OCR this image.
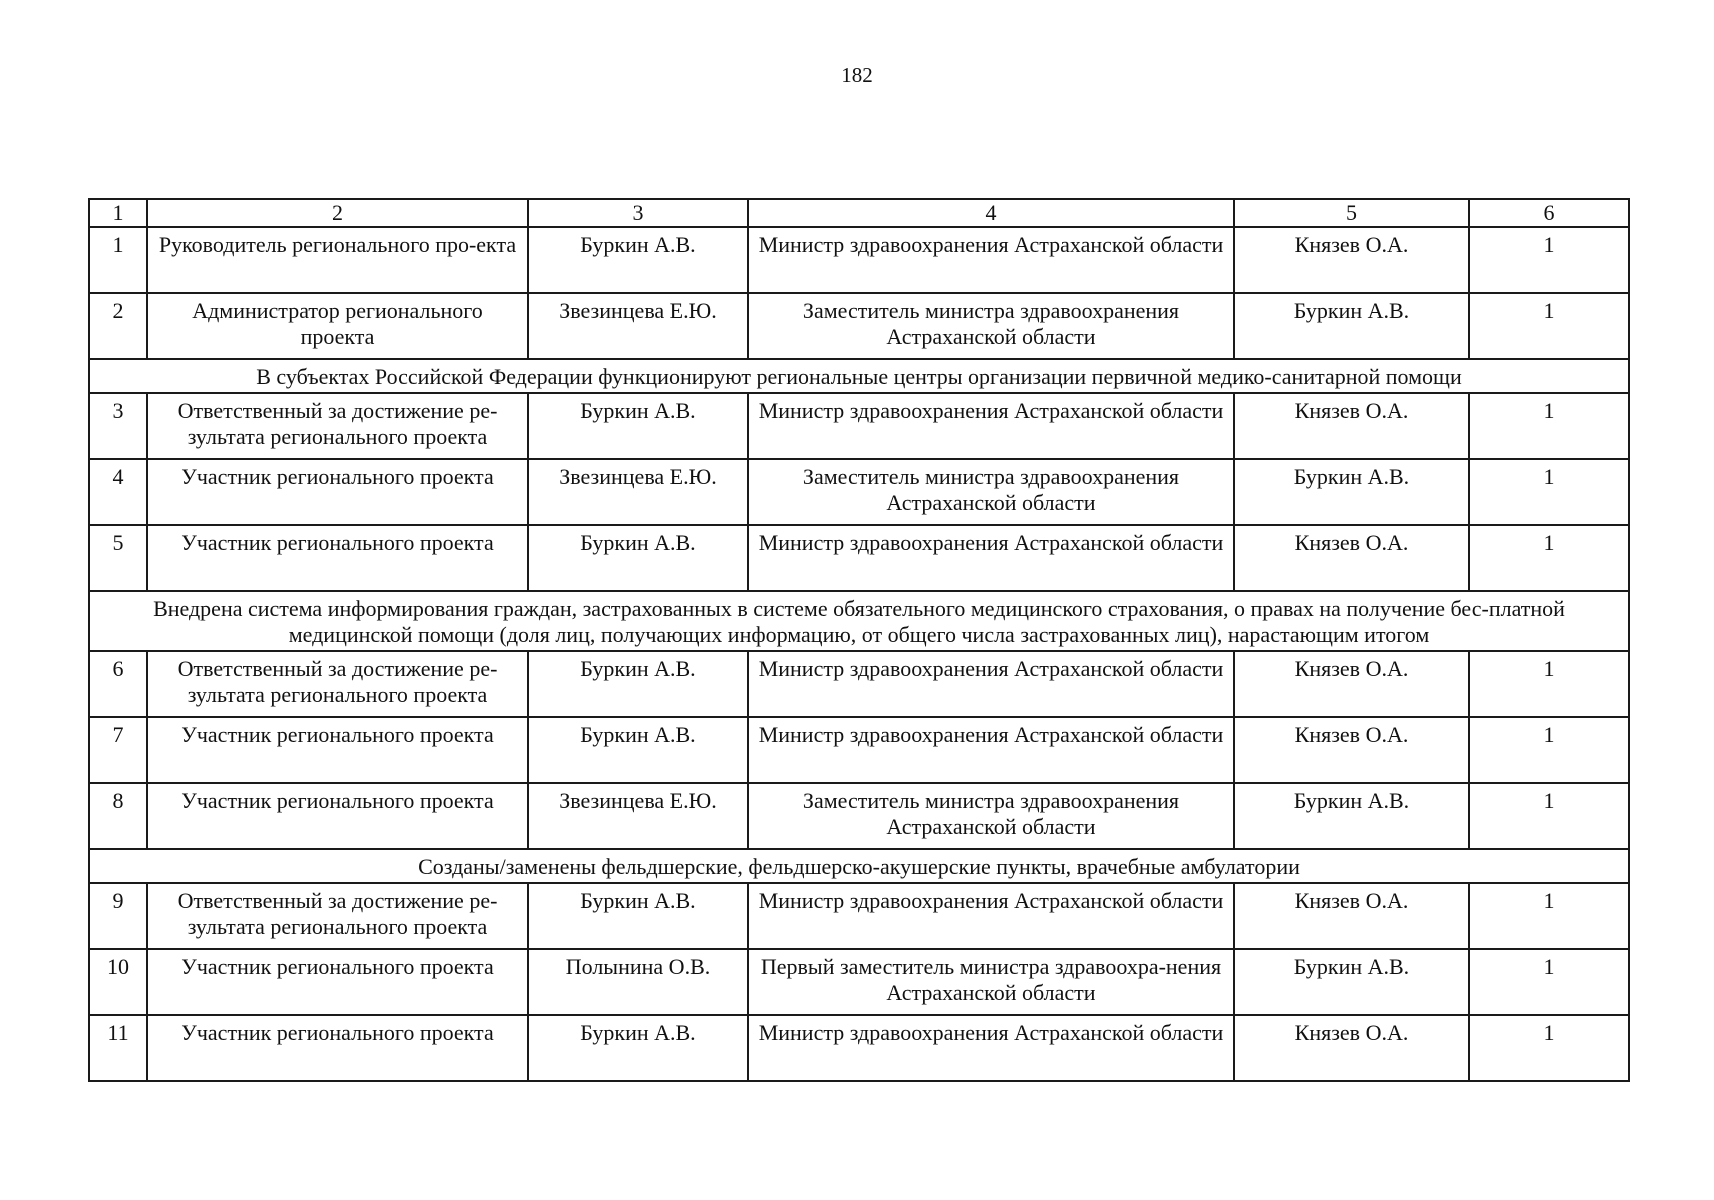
182
1	2	3	4	5	6
1	Руководитель регионального про-екта	Буркин А.В.	Министр здравоохранения Астраханской области	Князев О.А.	1
2	Администратор регионального проекта	Звезинцева Е.Ю.	Заместитель министра здравоохранения Астраханской области	Буркин А.В.	1
В субъектах Российской Федерации функционируют региональные центры организации первичной медико-санитарной помощи					
3	Ответственный за достижение ре-зультата регионального проекта	Буркин А.В.	Министр здравоохранения Астраханской области	Князев О.А.	1
4	Участник регионального проекта	Звезинцева Е.Ю.	Заместитель министра здравоохранения Астраханской области	Буркин А.В.	1
5	Участник регионального проекта	Буркин А.В.	Министр здравоохранения Астраханской области	Князев О.А.	1
Внедрена система информирования граждан, застрахованных в системе обязательного медицинского страхования, о правах на получение бес-платной медицинской помощи (доля лиц, получающих информацию, от общего числа застрахованных лиц), нарастающим итогом					
6	Ответственный за достижение ре-зультата регионального проекта	Буркин А.В.	Министр здравоохранения Астраханской области	Князев О.А.	1
7	Участник регионального проекта	Буркин А.В.	Министр здравоохранения Астраханской области	Князев О.А.	1
8	Участник регионального проекта	Звезинцева Е.Ю.	Заместитель министра здравоохранения Астраханской области	Буркин А.В.	1
Созданы/заменены фельдшерские, фельдшерско-акушерские пункты, врачебные амбулатории					
9	Ответственный за достижение ре-зультата регионального проекта	Буркин А.В.	Министр здравоохранения Астраханской области	Князев О.А.	1
10	Участник регионального проекта	Полынина О.В.	Первый заместитель министра здравоохра-нения Астраханской области	Буркин А.В.	1
11	Участник регионального проекта	Буркин А.В.	Министр здравоохранения Астраханской области	Князев О.А.	1
